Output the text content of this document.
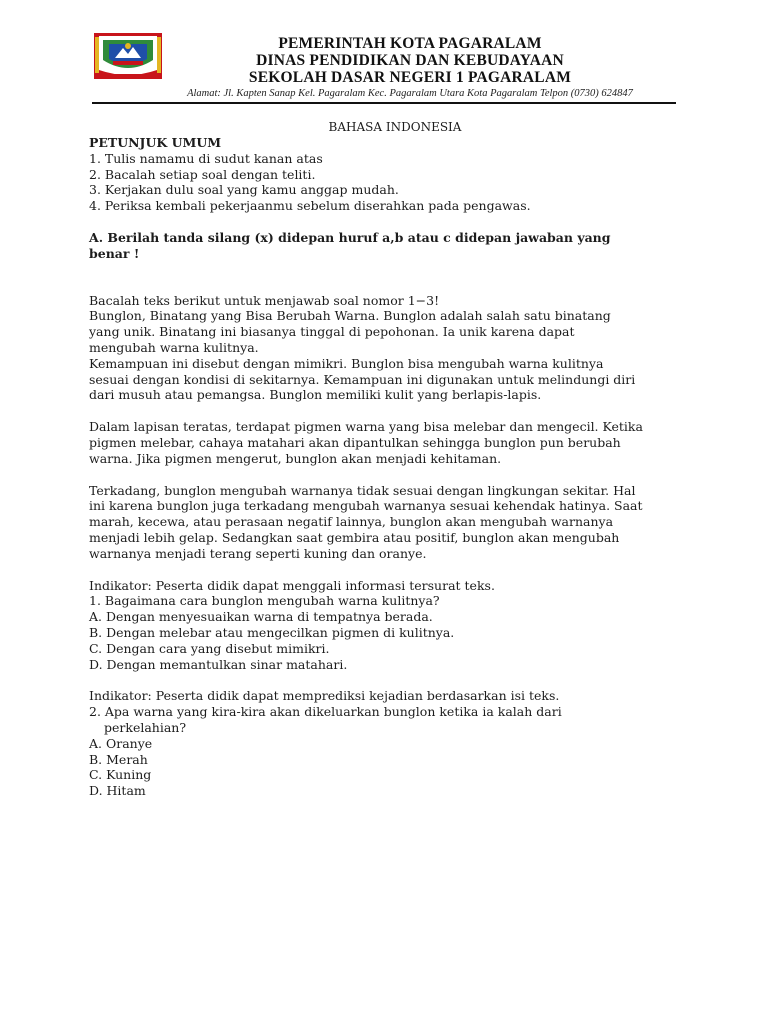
PEMERINTAH KOTA PAGARALAM
DINAS PENDIDIKAN DAN KEBUDAYAAN
SEKOLAH DASAR NEGERI 1 PAGARALAM
Alamat: Jl. Kapten Sanap Kel. Pagaralam Kec. Pagaralam Utara Kota Pagaralam Telpon (0730) 624847
BAHASA INDONESIA
PETUNJUK UMUM
1. Tulis namamu di sudut kanan atas
2. Bacalah setiap soal dengan teliti.
3. Kerjakan dulu soal yang kamu anggap mudah.
4. Periksa kembali pekerjaanmu sebelum diserahkan pada pengawas.
A. Berilah tanda silang (x) didepan huruf a,b atau c didepan jawaban yang
benar !
Bacalah teks berikut untuk menjawab soal nomor 1−3!
Bunglon, Binatang yang Bisa Berubah Warna. Bunglon adalah salah satu binatang
yang unik. Binatang ini biasanya tinggal di pepohonan. Ia unik karena dapat
mengubah warna kulitnya.
Kemampuan ini disebut dengan mimikri. Bunglon bisa mengubah warna kulitnya
sesuai dengan kondisi di sekitarnya. Kemampuan ini digunakan untuk melindungi diri
dari musuh atau pemangsa. Bunglon memiliki kulit yang berlapis-lapis.
Dalam lapisan teratas, terdapat pigmen warna yang bisa melebar dan mengecil. Ketika
pigmen melebar, cahaya matahari akan dipantulkan sehingga bunglon pun berubah
warna. Jika pigmen mengerut, bunglon akan menjadi kehitaman.
Terkadang, bunglon mengubah warnanya tidak sesuai dengan lingkungan sekitar. Hal
ini karena bunglon juga terkadang mengubah warnanya sesuai kehendak hatinya. Saat
marah, kecewa, atau perasaan negatif lainnya, bunglon akan mengubah warnanya
menjadi lebih gelap. Sedangkan saat gembira atau positif, bunglon akan mengubah
warnanya menjadi terang seperti kuning dan oranye.
Indikator: Peserta didik dapat menggali informasi tersurat teks.
1. Bagaimana cara bunglon mengubah warna kulitnya?
A. Dengan menyesuaikan warna di tempatnya berada.
B. Dengan melebar atau mengecilkan pigmen di kulitnya.
C. Dengan cara yang disebut mimikri.
D. Dengan memantulkan sinar matahari.
Indikator: Peserta didik dapat memprediksi kejadian berdasarkan isi teks.
2. Apa warna yang kira-kira akan dikeluarkan bunglon ketika ia kalah dari
perkelahian?
A. Oranye
B. Merah
C. Kuning
D. Hitam
